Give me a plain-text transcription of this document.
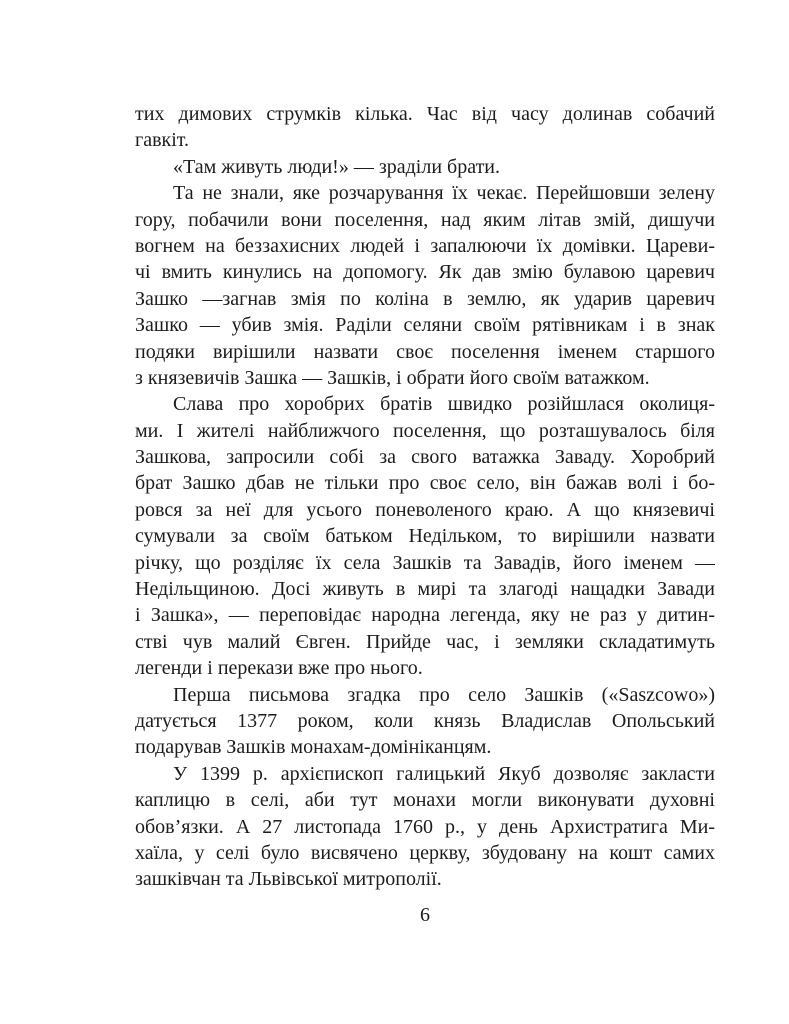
тих димових струмків кілька. Час від часу долинав собачий
гавкіт.
«Там живуть люди!» — зраділи брати.
Та не знали, яке розчарування їх чекає. Перейшовши зелену
гору, побачили вони поселення, над яким літав змій, дишучи
вогнем на беззахисних людей і запалюючи їх домівки. Цареви-
чі вмить кинулись на допомогу. Як дав змію булавою царевич
Зашко —загнав змія по коліна в землю, як ударив царевич
Зашко — убив змія. Раділи селяни своїм рятівникам і в знак
подяки вирішили назвати своє поселення іменем старшого
з князевичів Зашка — Зашків, і обрати його своїм ватажком.
Слава про хоробрих братів швидко розійшлася околиця-
ми. І жителі найближчого поселення, що розташувалось біля
Зашкова, запросили собі за свого ватажка Заваду. Хоробрий
брат Зашко дбав не тільки про своє село, він бажав волі і бо-
ровся за неї для усього поневоленого краю. А що князевичі
сумували за своїм батьком Недільком, то вирішили назвати
річку, що розділяє їх села Зашків та Завадів, його іменем —
Недільщиною. Досі живуть в мирі та злагоді нащадки Завади
і Зашка», — переповідає народна легенда, яку не раз у дитин-
стві чув малий Євген. Прийде час, і земляки складатимуть
легенди і перекази вже про нього.
Перша письмова згадка про село Зашків («Saszcowo»)
датується 1377 роком, коли князь Владислав Опольський
подарував Зашків монахам-домініканцям.
У 1399 р. архієпископ галицький Якуб дозволяє закласти
каплицю в селі, аби тут монахи могли виконувати духовні
обов’язки. А 27 листопада 1760 р., у день Архистратига Ми-
хаїла, у селі було висвячено церкву, збудовану на кошт самих
зашківчан та Львівської митрополії.
6
